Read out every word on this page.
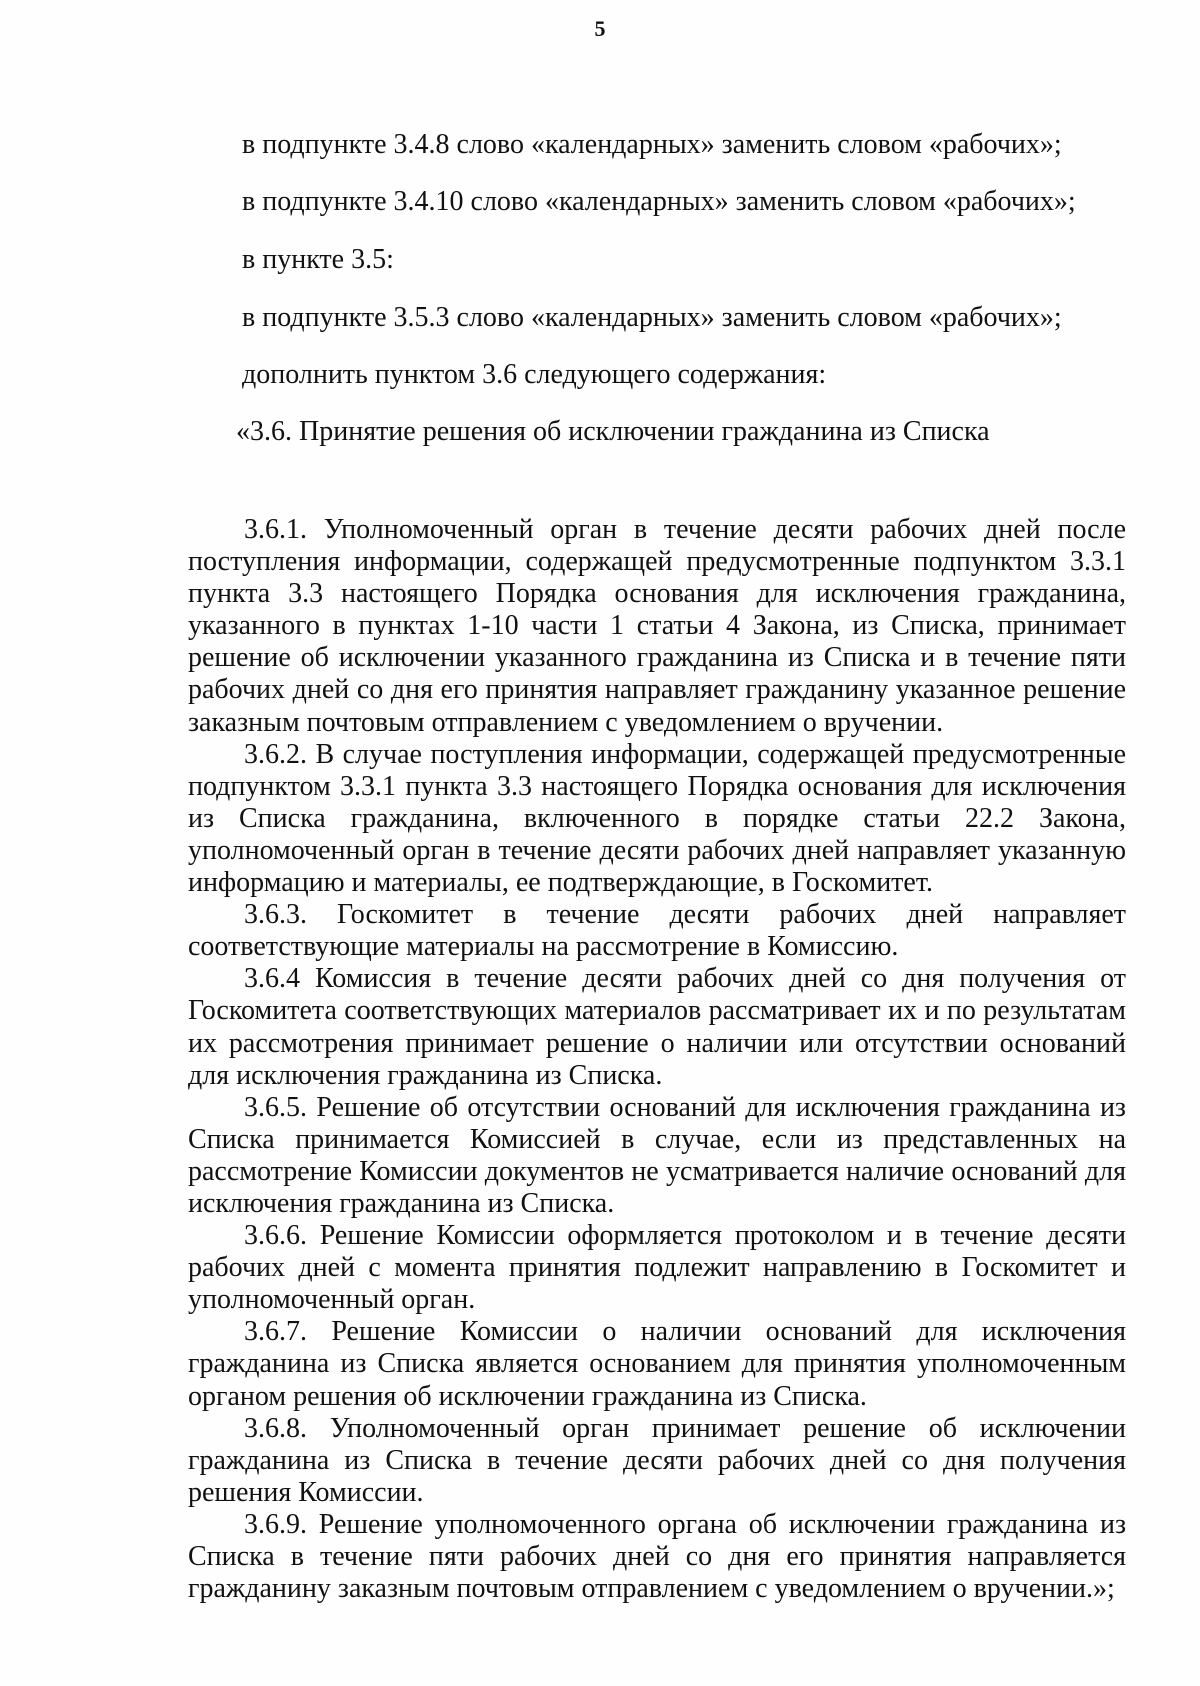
5
в подпункте 3.4.8 слово «календарных» заменить словом «рабочих»;
в подпункте 3.4.10 слово «календарных» заменить словом «рабочих»;
в пункте 3.5:
в подпункте 3.5.3 слово «календарных» заменить словом «рабочих»;
дополнить пунктом 3.6 следующего содержания:
«3.6. Принятие решения об исключении гражданина из Списка

3.6.1. Уполномоченный орган в течение десяти рабочих дней после поступления информации, содержащей предусмотренные подпунктом 3.3.1 пункта 3.3 настоящего Порядка основания для исключения гражданина, указанного в пунктах 1-10 части 1 статьи 4 Закона, из Списка, принимает решение об исключении указанного гражданина из Списка и в течение пяти рабочих дней со дня его принятия направляет гражданину указанное решение заказным почтовым отправлением с уведомлением о вручении.

3.6.2. В случае поступления информации, содержащей предусмотренные подпунктом 3.3.1 пункта 3.3 настоящего Порядка основания для исключения из Списка гражданина, включенного в порядке статьи 22.2 Закона, уполномоченный орган в течение десяти рабочих дней направляет указанную информацию и материалы, ее подтверждающие, в Госкомитет.

3.6.3. Госкомитет в течение десяти рабочих дней направляет соответствующие материалы на рассмотрение в Комиссию.

3.6.4 Комиссия в течение десяти рабочих дней со дня получения от Госкомитета соответствующих материалов рассматривает их и по результатам их рассмотрения принимает решение о наличии или отсутствии оснований для исключения гражданина из Списка.

3.6.5. Решение об отсутствии оснований для исключения гражданина из Списка принимается Комиссией в случае, если из представленных на рассмотрение Комиссии документов не усматривается наличие оснований для исключения гражданина из Списка.

3.6.6. Решение Комиссии оформляется протоколом и в течение десяти рабочих дней с момента принятия подлежит направлению в Госкомитет и уполномоченный орган.

3.6.7. Решение Комиссии о наличии оснований для исключения гражданина из Списка является основанием для принятия уполномоченным органом решения об исключении гражданина из Списка.

3.6.8. Уполномоченный орган принимает решение об исключении гражданина из Списка в течение десяти рабочих дней со дня получения решения Комиссии.

3.6.9. Решение уполномоченного органа об исключении гражданина из Списка в течение пяти рабочих дней со дня его принятия направляется гражданину заказным почтовым отправлением с уведомлением о вручении.»;
